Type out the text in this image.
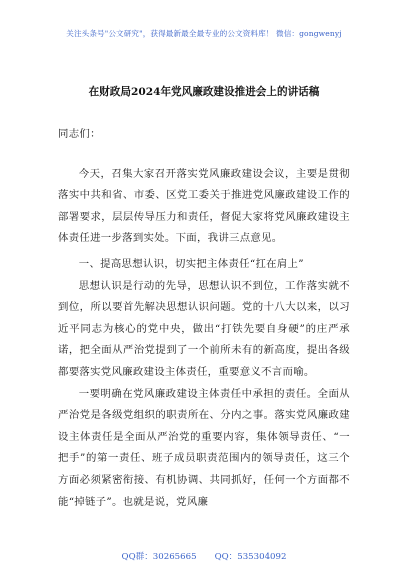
关注头条号"公文研究"，获得最新最全最专业的公文资料库！ 微信：gongwenyj
在财政局2024年党风廉政建设推进会上的讲话稿

同志们：

今天，召集大家召开落实党风廉政建设会议，主要是贯彻落实中共和省、市委、区党工委关于推进党风廉政建设工作的部署要求，层层传导压力和责任，督促大家将党风廉政建设主体责任进一步落到实处。下面，我讲三点意见。

一、提高思想认识，切实把主体责任“扛在肩上”

思想认识是行动的先导，思想认识不到位，工作落实就不到位，所以要首先解决思想认识问题。党的十八大以来，以习近平同志为核心的党中央，做出“打铁先要自身硬”的庄严承诺，把全面从严治党提到了一个前所未有的新高度，提出各级都要落实党风廉政建设主体责任，重要意义不言而喻。

一要明确在党风廉政建设主体责任中承担的责任。全面从严治党是各级党组织的职责所在、分内之事。落实党风廉政建设主体责任是全面从严治党的重要内容，集体领导责任、“一把手”的第一责任、班子成员职责范围内的领导责任，这三个方面必须紧密衔接、有机协调、共同抓好，任何一个方面都不能“掉链子”。也就是说，党风廉

QQ群：30265665 QQ：535304092
